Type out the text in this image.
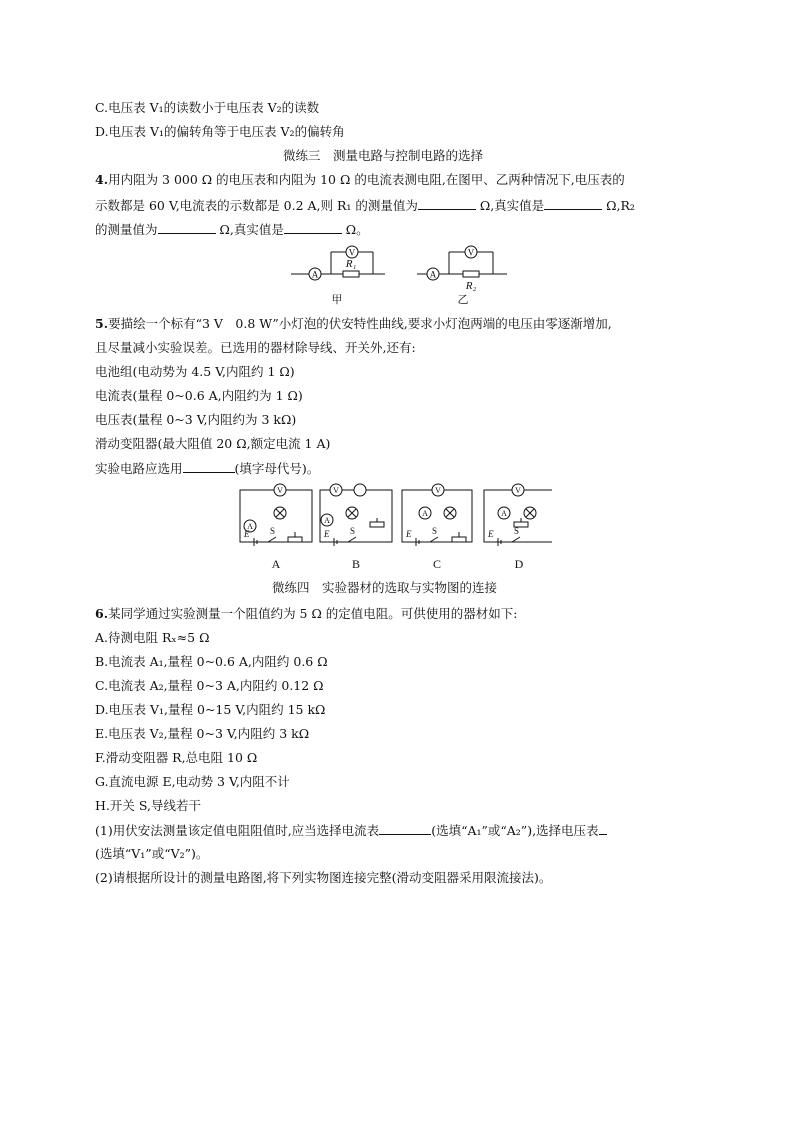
C.电压表 V₁的读数小于电压表 V₂的读数
D.电压表 V₁的偏转角等于电压表 V₂的偏转角
微练三　测量电路与控制电路的选择
4.用内阻为 3 000 Ω 的电压表和内阻为 10 Ω 的电流表测电阻,在图甲、乙两种情况下,电压表的
示数都是 60 V,电流表的示数都是 0.2 A,则 R₁ 的测量值为	Ω,真实值是	Ω,R₂
的测量值为	Ω,真实值是	Ω。
A
V
A
V
R₁
R₂
甲	乙
5.要描绘一个标有“3 V　0.8 W”小灯泡的伏安特性曲线,要求小灯泡两端的电压由零逐渐增加,
且尽量减小实验误差。已选用的器材除导线、开关外,还有:
电池组(电动势为 4.5 V,内阻约 1 Ω)
电流表(量程 0~0.6 A,内阻约为 1 Ω)
电压表(量程 0~3 V,内阻约为 3 kΩ)
滑动变阻器(最大阻值 20 Ω,额定电流 1 A)
实验电路应选用	(填字母代号)。
V
A
V
A
V
A
V
A
E	E	E	E
S	S	S	S
A	B	C	D
微练四　实验器材的选取与实物图的连接
6.某同学通过实验测量一个阻值约为 5 Ω 的定值电阻。可供使用的器材如下:
A.待测电阻 Rₓ≈5 Ω
B.电流表 A₁,量程 0~0.6 A,内阻约 0.6 Ω
C.电流表 A₂,量程 0~3 A,内阻约 0.12 Ω
D.电压表 V₁,量程 0~15 V,内阻约 15 kΩ
E.电压表 V₂,量程 0~3 V,内阻约 3 kΩ
F.滑动变阻器 R,总电阻 10 Ω
G.直流电源 E,电动势 3 V,内阻不计
H.开关 S,导线若干
(1)用伏安法测量该定值电阻阻值时,应当选择电流表	(选填“A₁”或“A₂”),选择电压表
(选填“V₁”或“V₂”)。
(2)请根据所设计的测量电路图,将下列实物图连接完整(滑动变阻器采用限流接法)。
